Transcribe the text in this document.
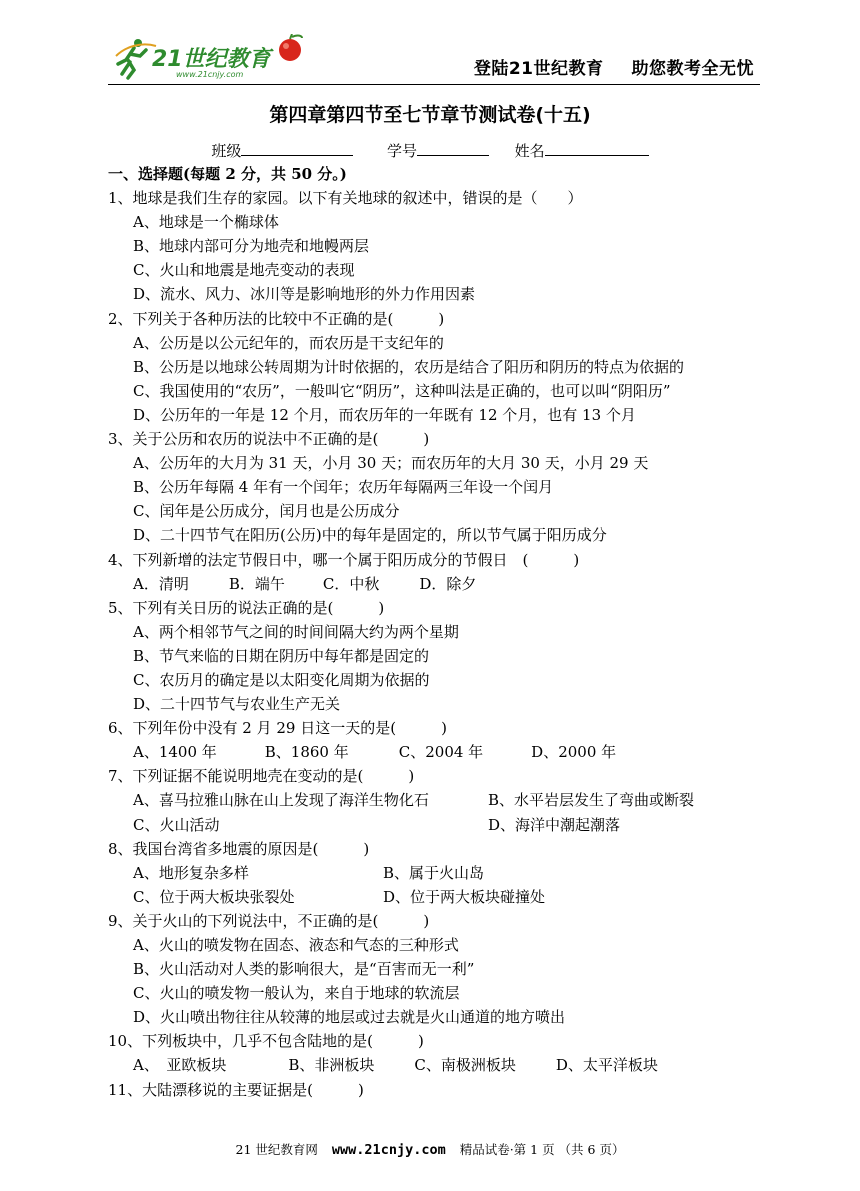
21世纪教育
www.21cnjy.com	登陆21世纪教育 助您教考全无忧
第四章第四节至七节章节测试卷(十五)
班级	学号	姓名
一、选择题(每题 2 分，共 50 分。)
1、地球是我们生存的家园。以下有关地球的叙述中，错误的是（　　）
A、地球是一个椭球体
B、地球内部可分为地壳和地幔两层
C、火山和地震是地壳变动的表现
D、流水、风力、冰川等是影响地形的外力作用因素
2、下列关于各种历法的比较中不正确的是(　　　)
A、公历是以公元纪年的，而农历是干支纪年的
B、公历是以地球公转周期为计时依据的，农历是结合了阳历和阴历的特点为依据的
C、我国使用的“农历”，一般叫它“阴历”，这种叫法是正确的，也可以叫“阴阳历”
D、公历年的一年是 12 个月，而农历年的一年既有 12 个月，也有 13 个月
3、关于公历和农历的说法中不正确的是(　　　)
A、公历年的大月为 31 天，小月 30 天；而农历年的大月 30 天，小月 29 天
B、公历年每隔 4 年有一个闰年；农历年每隔两三年设一个闰月
C、闰年是公历成分，闰月也是公历成分
D、二十四节气在阳历(公历)中的每年是固定的，所以节气属于阳历成分
4、下列新增的法定节假日中，哪一个属于阳历成分的节假日　(　　　)
A．清明	B．端午	C．中秋	D．除夕
5、下列有关日历的说法正确的是(　　　)
A、两个相邻节气之间的时间间隔大约为两个星期
B、节气来临的日期在阴历中每年都是固定的
C、农历月的确定是以太阳变化周期为依据的
D、二十四节气与农业生产无关
6、下列年份中没有 2 月 29 日这一天的是(　　　)
A、1400 年	B、1860 年	C、2004 年	D、2000 年
7、下列证据不能说明地壳在变动的是(　　　)
A、喜马拉雅山脉在山上发现了海洋生物化石	B、水平岩层发生了弯曲或断裂
C、火山活动	D、海洋中潮起潮落
8、我国台湾省多地震的原因是(　　　)
A、地形复杂多样	B、属于火山岛
C、位于两大板块张裂处	D、位于两大板块碰撞处
9、关于火山的下列说法中，不正确的是(　　　)
A、火山的喷发物在固态、液态和气态的三种形式
B、火山活动对人类的影响很大，是“百害而无一利”
C、火山的喷发物一般认为，来自于地球的软流层
D、火山喷出物往往从较薄的地层或过去就是火山通道的地方喷出
10、下列板块中，几乎不包含陆地的是(　　　)
A、　亚欧板块	B、非洲板块	C、南极洲板块	D、太平洋板块
11、大陆漂移说的主要证据是(　　　)
21 世纪教育网 www.21cnjy.com 精品试卷·第 1 页 （共 6 页）
